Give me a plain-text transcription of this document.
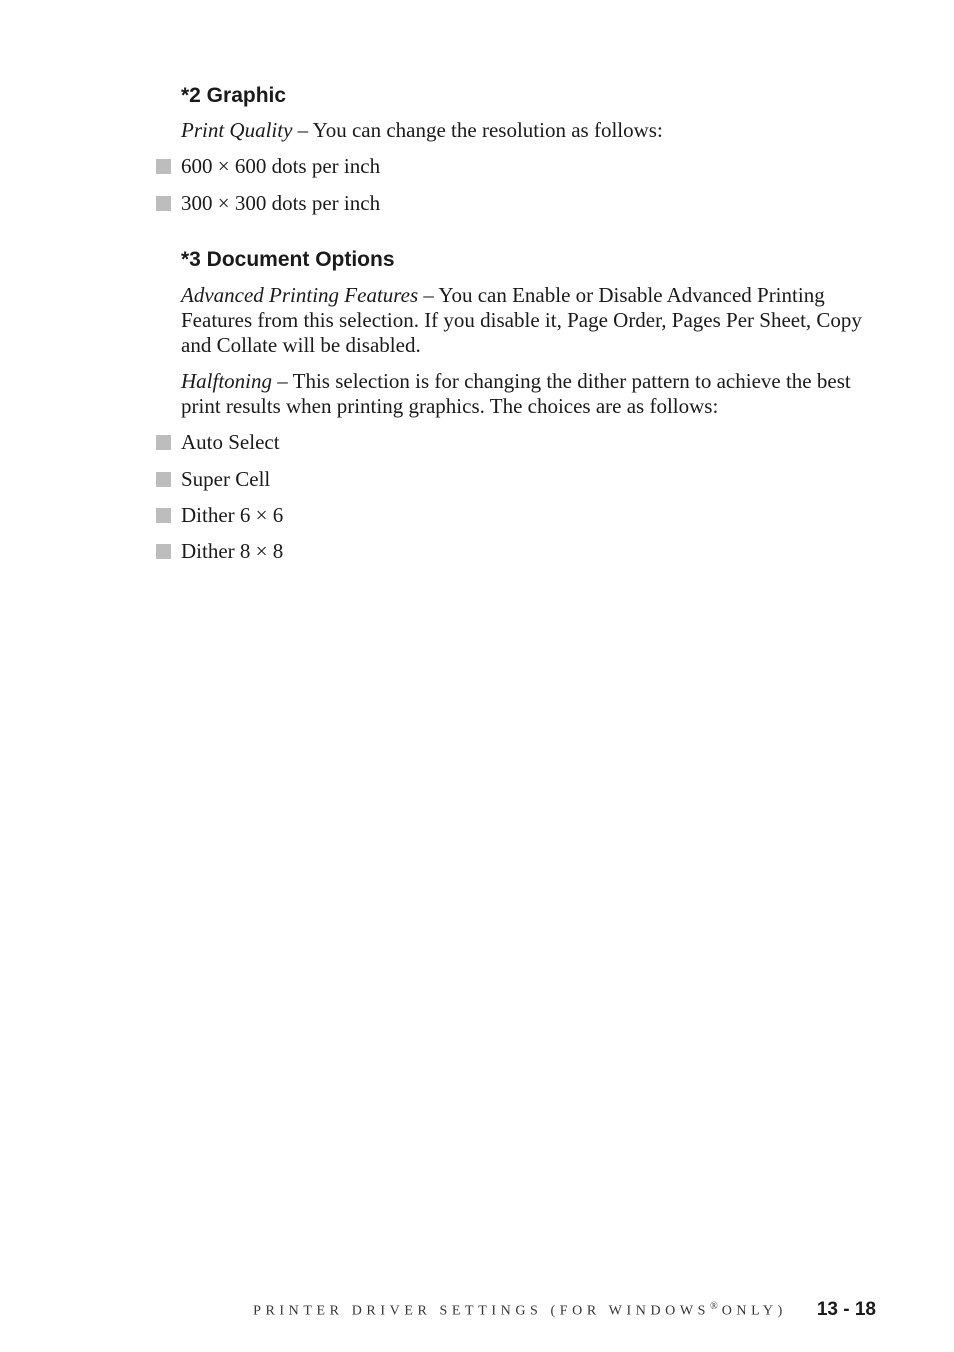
*2 Graphic

Print Quality – You can change the resolution as follows:

600 × 600 dots per inch
300 × 300 dots per inch
*3 Document Options

Advanced Printing Features – You can Enable or Disable Advanced Printing Features from this selection. If you disable it, Page Order, Pages Per Sheet, Copy and Collate will be disabled.

Halftoning – This selection is for changing the dither pattern to achieve the best print results when printing graphics. The choices are as follows:

Auto Select
Super Cell
Dither 6 × 6
Dither 8 × 8
PRINTER DRIVER SETTINGS (FOR WINDOWS® ONLY) 13 - 18
